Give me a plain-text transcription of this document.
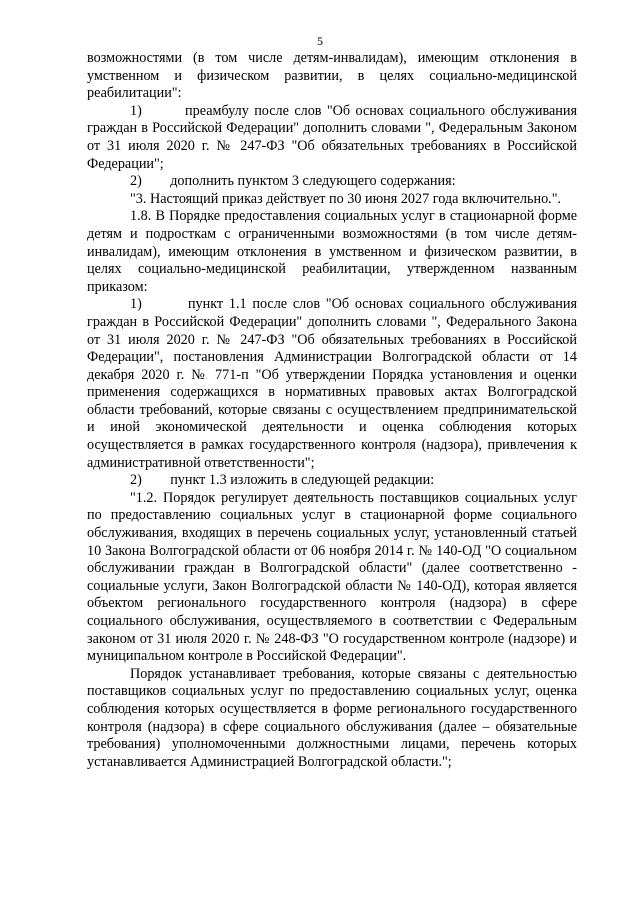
5

возможностями (в том числе детям-инвалидам), имеющим отклонения в умственном и физическом развитии, в целях социально-медицинской реабилитации":

1)        преамбулу после слов "Об основах социального обслуживания граждан в Российской Федерации" дополнить словами ", Федеральным Законом от 31 июля 2020 г. № 247-ФЗ "Об обязательных требованиях в Российской Федерации";

2)        дополнить пунктом 3 следующего содержания:

"3. Настоящий приказ действует по 30 июня 2027 года включительно.".

1.8. В Порядке предоставления социальных услуг в стационарной форме детям и подросткам с ограниченными возможностями (в том числе детям-инвалидам), имеющим отклонения в умственном и физическом развитии, в целях социально-медицинской реабилитации, утвержденном названным приказом:

1)        пункт 1.1 после слов "Об основах социального обслуживания граждан в Российской Федерации" дополнить словами ", Федерального Закона от 31 июля 2020 г. № 247-ФЗ "Об обязательных требованиях в Российской Федерации", постановления Администрации Волгоградской области от 14 декабря 2020 г. № 771-п "Об утверждении Порядка установления и оценки применения содержащихся в нормативных правовых актах Волгоградской области требований, которые связаны с осуществлением предпринимательской и иной экономической деятельности и оценка соблюдения которых осуществляется в рамках государственного контроля (надзора), привлечения к административной ответственности";

2)        пункт 1.3 изложить в следующей редакции:

"1.2. Порядок регулирует деятельность поставщиков социальных услуг по предоставлению социальных услуг в стационарной форме социального обслуживания, входящих в перечень социальных услуг, установленный статьей 10 Закона Волгоградской области от 06 ноября 2014 г. № 140-ОД "О социальном обслуживании граждан в Волгоградской области" (далее соответственно - социальные услуги, Закон Волгоградской области № 140-ОД), которая является объектом регионального государственного контроля (надзора) в сфере социального обслуживания, осуществляемого в соответствии с Федеральным законом от 31 июля 2020 г. № 248-ФЗ "О государственном контроле (надзоре) и муниципальном контроле в Российской Федерации".

Порядок устанавливает требования, которые связаны с деятельностью поставщиков социальных услуг по предоставлению социальных услуг, оценка соблюдения которых осуществляется в форме регионального государственного контроля (надзора) в сфере социального обслуживания (далее – обязательные требования) уполномоченными должностными лицами, перечень которых устанавливается Администрацией Волгоградской области.";
